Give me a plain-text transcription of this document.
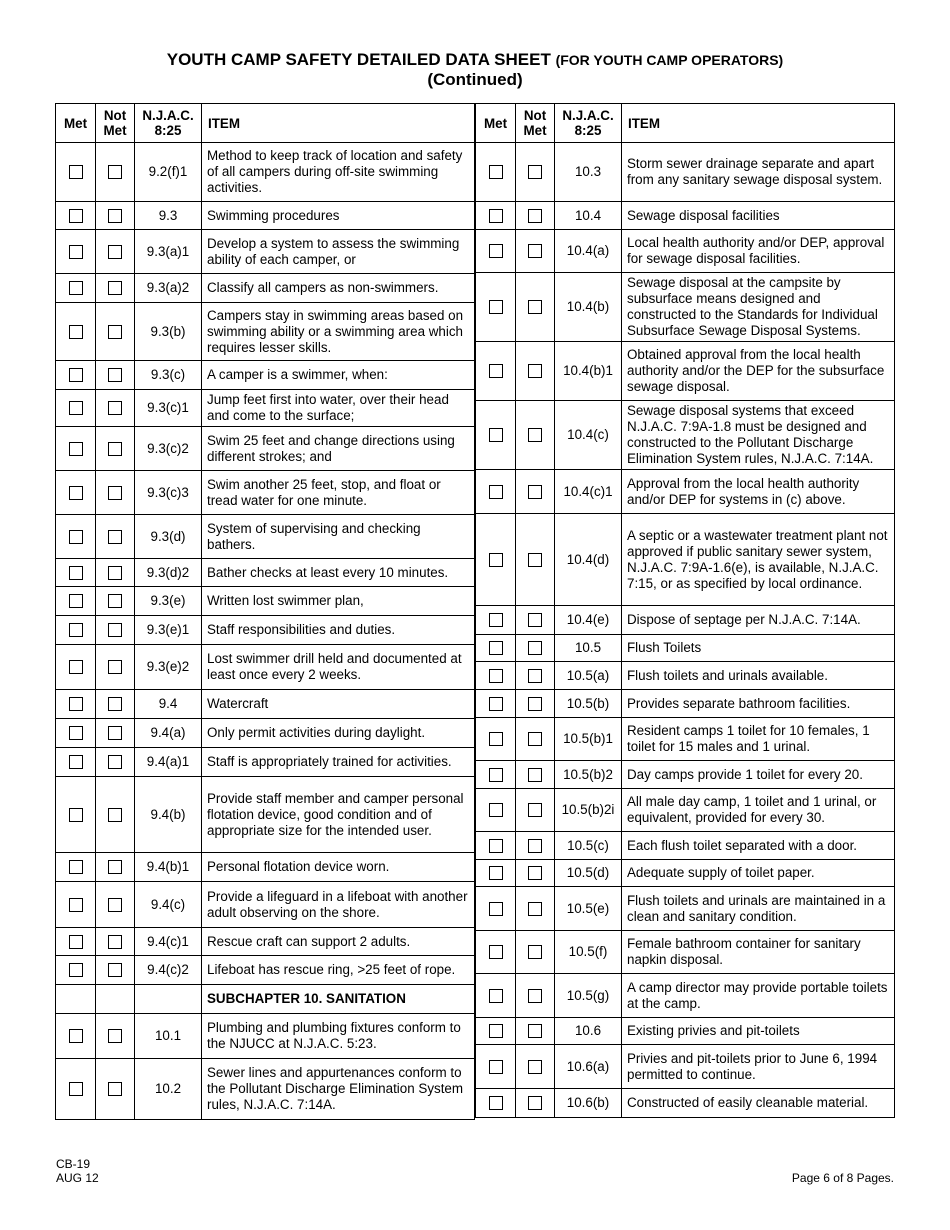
YOUTH CAMP SAFETY DETAILED DATA SHEET (FOR YOUTH CAMP OPERATORS)
(Continued)
Met	Not Met	N.J.A.C. 8:25	ITEM
		9.2(f)1	Method to keep track of location and safety of all campers during off-site swimming activities.
		9.3	Swimming procedures
		9.3(a)1	Develop a system to assess the swimming ability of each camper, or
		9.3(a)2	Classify all campers as non-swimmers.
		9.3(b)	Campers stay in swimming areas based on swimming ability or a swimming area which requires lesser skills.
		9.3(c)	A camper is a swimmer, when:
		9.3(c)1	Jump feet first into water, over their head and come to the surface;
		9.3(c)2	Swim 25 feet and change directions using different strokes; and
		9.3(c)3	Swim another 25 feet, stop, and float or tread water for one minute.
		9.3(d)	System of supervising and checking bathers.
		9.3(d)2	Bather checks at least every 10 minutes.
		9.3(e)	Written lost swimmer plan,
		9.3(e)1	Staff responsibilities and duties.
		9.3(e)2	Lost swimmer drill held and documented at least once every 2 weeks.
		9.4	Watercraft
		9.4(a)	Only permit activities during daylight.
		9.4(a)1	Staff is appropriately trained for activities.
		9.4(b)	Provide staff member and camper personal flotation device, good condition and of appropriate size for the intended user.
		9.4(b)1	Personal flotation device worn.
		9.4(c)	Provide a lifeguard in a lifeboat with another adult observing on the shore.
		9.4(c)1	Rescue craft can support 2 adults.
		9.4(c)2	Lifeboat has rescue ring, >25 feet of rope.
			SUBCHAPTER 10. SANITATION
		10.1	Plumbing and plumbing fixtures conform to the NJUCC at N.J.A.C. 5:23.
		10.2	Sewer lines and appurtenances conform to the Pollutant Discharge Elimination System rules, N.J.A.C. 7:14A.
Met	Not Met	N.J.A.C. 8:25	ITEM
		10.3	Storm sewer drainage separate and apart from any sanitary sewage disposal system.
		10.4	Sewage disposal facilities
		10.4(a)	Local health authority and/or DEP, approval for sewage disposal facilities.
		10.4(b)	Sewage disposal at the campsite by subsurface means designed and constructed to the Standards for Individual Subsurface Sewage Disposal Systems.
		10.4(b)1	Obtained approval from the local health authority and/or the DEP for the subsurface sewage disposal.
		10.4(c)	Sewage disposal systems that exceed N.J.A.C. 7:9A-1.8 must be designed and constructed to the Pollutant Discharge Elimination System rules, N.J.A.C. 7:14A.
		10.4(c)1	Approval from the local health authority and/or DEP for systems in (c) above.
		10.4(d)	A septic or a wastewater treatment plant not approved if public sanitary sewer system, N.J.A.C. 7:9A-1.6(e), is available, N.J.A.C. 7:15, or as specified by local ordinance.
		10.4(e)	Dispose of septage per N.J.A.C. 7:14A.
		10.5	Flush Toilets
		10.5(a)	Flush toilets and urinals available.
		10.5(b)	Provides separate bathroom facilities.
		10.5(b)1	Resident camps 1 toilet for 10 females, 1 toilet for 15 males and 1 urinal.
		10.5(b)2	Day camps provide 1 toilet for every 20.
		10.5(b)2i	All male day camp, 1 toilet and 1 urinal, or equivalent, provided for every 30.
		10.5(c)	Each flush toilet separated with a door.
		10.5(d)	Adequate supply of toilet paper.
		10.5(e)	Flush toilets and urinals are maintained in a clean and sanitary condition.
		10.5(f)	Female bathroom container for sanitary napkin disposal.
		10.5(g)	A camp director may provide portable toilets at the camp.
		10.6	Existing privies and pit-toilets
		10.6(a)	Privies and pit-toilets prior to June 6, 1994 permitted to continue.
		10.6(b)	Constructed of easily cleanable material.
CB-19
AUG 12	Page 6 of 8 Pages.
